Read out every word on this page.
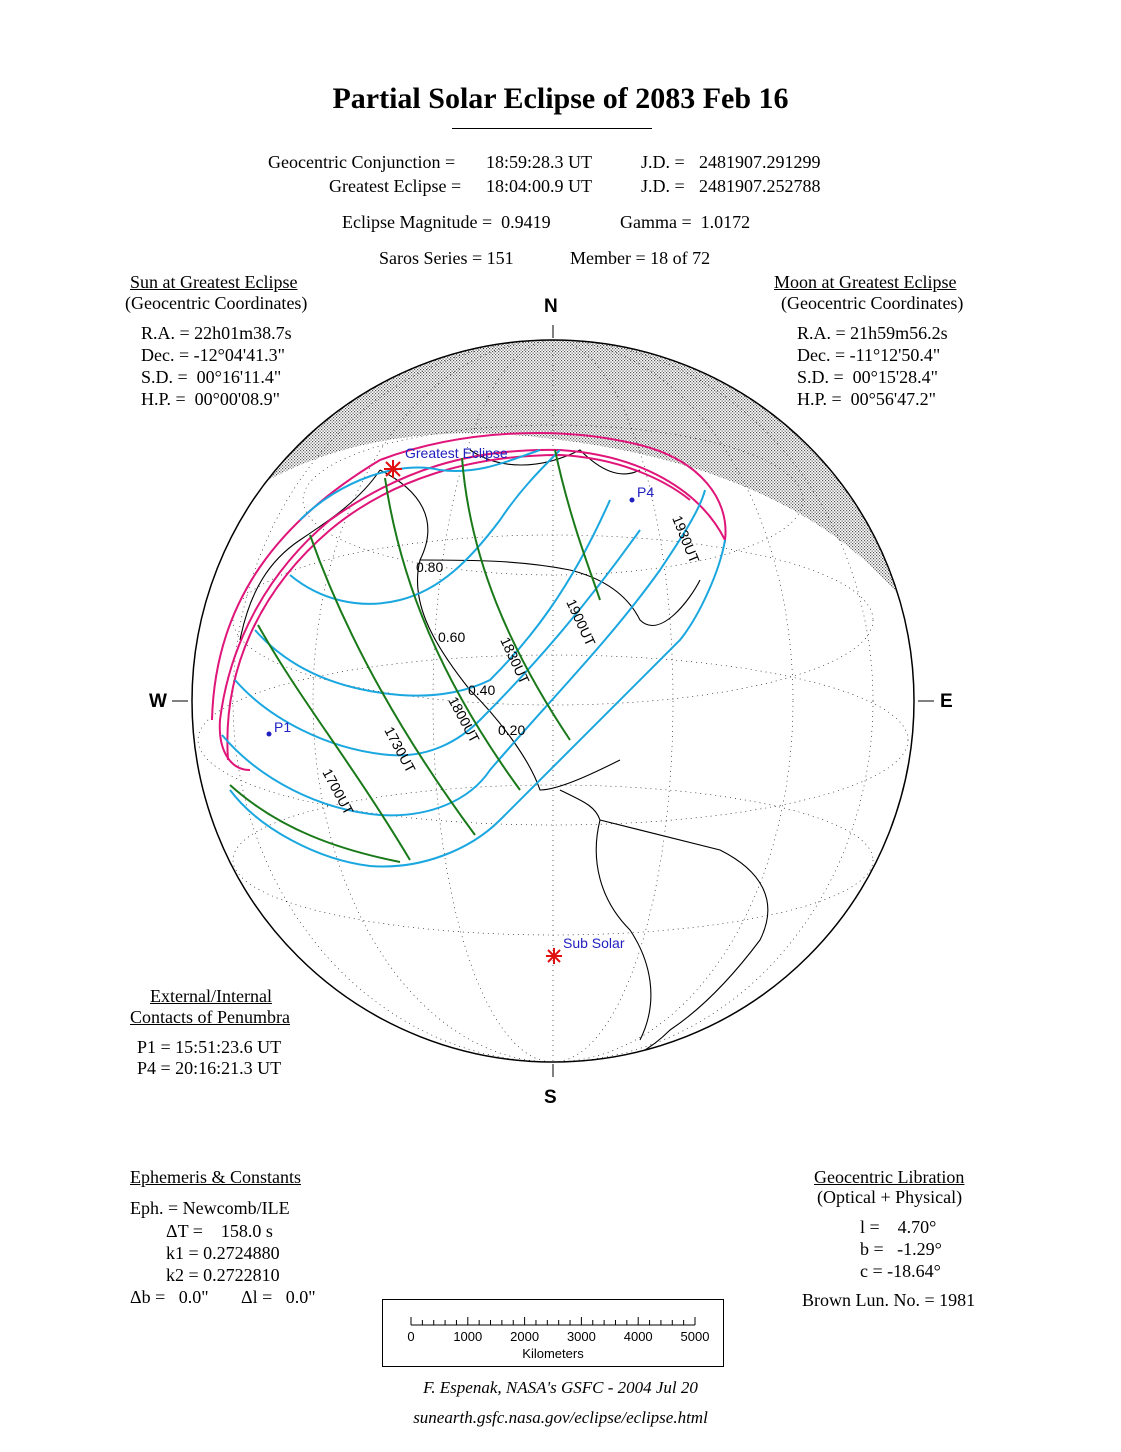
Partial Solar Eclipse of 2083 Feb 16
Geocentric Conjunction = 18:59:28.3 UT	J.D. = 2481907.291299
Greatest Eclipse = 18:04:00.9 UT	J.D. = 2481907.252788
Eclipse Magnitude =  0.9419	Gamma =  1.0172
Saros Series = 151	Member = 18 of 72
Sun at Greatest Eclipse
(Geocentric Coordinates)
R.A. = 22h01m38.7s
Dec. = -12°04'41.3"
S.D. =  00°16'11.4"
H.P. =  00°00'08.9"
Moon at Greatest Eclipse
(Geocentric Coordinates)
R.A. = 21h59m56.2s
Dec. = -11°12'50.4"
S.D. =  00°15'28.4"
H.P. =  00°56'47.2"
0.80
0.60
0.40
0.20
1700UT
1730UT
1800UT
1830UT
1900UT
1930UT
Greatest Eclipse
Sub Solar
P1
P4
N
S
W	E
External/Internal
Contacts of Penumbra
P1 = 15:51:23.6 UT
P4 = 20:16:21.3 UT
Ephemeris & Constants
Eph. = Newcomb/ILE
ΔT =    158.0 s
k1 = 0.2724880
k2 = 0.2722810
Δb =   0.0" Δl =   0.0"
Geocentric Libration
(Optical + Physical)
l =    4.70°
b =   -1.29°
c = -18.64°
Brown Lun. No. = 1981
0	1000 2000 3000 4000 5000
Kilometers
F. Espenak, NASA's GSFC - 2004 Jul 20
sunearth.gsfc.nasa.gov/eclipse/eclipse.html
